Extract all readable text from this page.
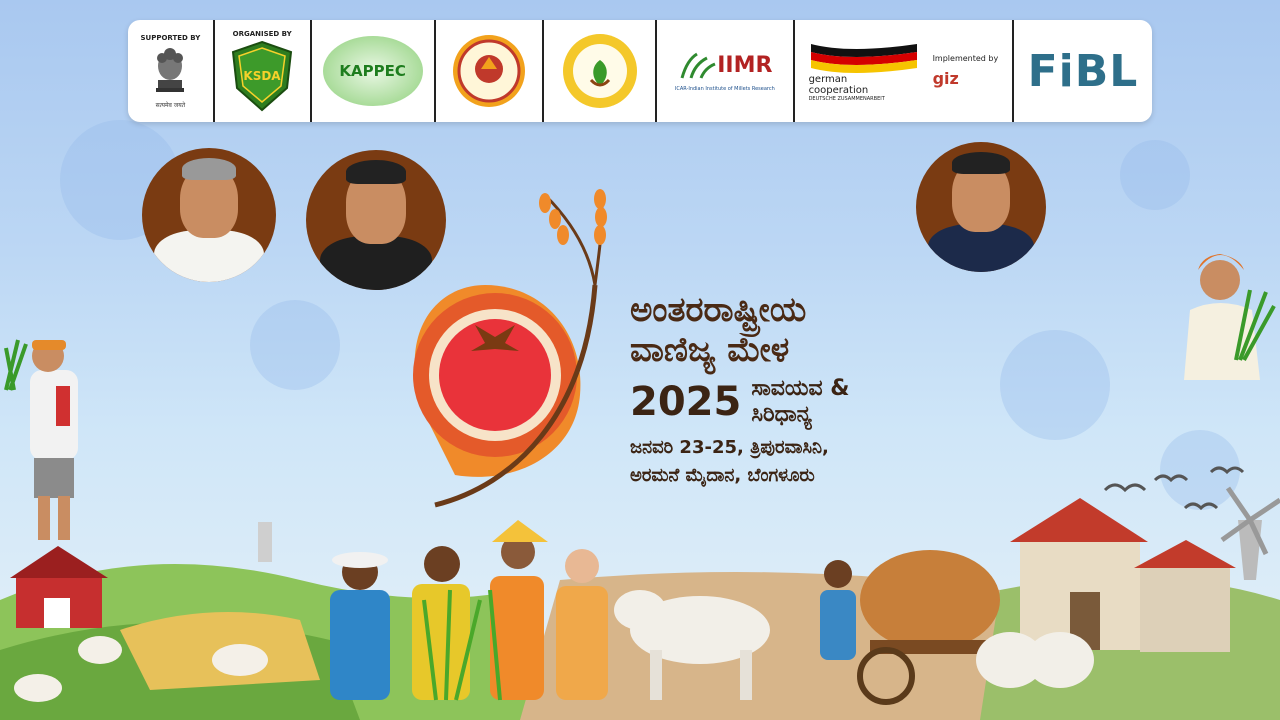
SUPPORTED BY
सत्यमेव जयते
ORGANISED BY
KSDA	KAPPEC	IIMR
ICAR-Indian Institute of Millets Research
german
cooperation
DEUTSCHE ZUSAMMENARBEIT
Implemented by
giz FiBL
ಅಂತರರಾಷ್ಟ್ರೀಯ
ವಾಣಿಜ್ಯ ಮೇಳ
2025 ಸಾವಯವ &
ಸಿರಿಧಾನ್ಯ
ಜನವರಿ 23-25, ತ್ರಿಪುರವಾಸಿನಿ,
ಅರಮನೆ ಮೈದಾನ, ಬೆಂಗಳೂರು
